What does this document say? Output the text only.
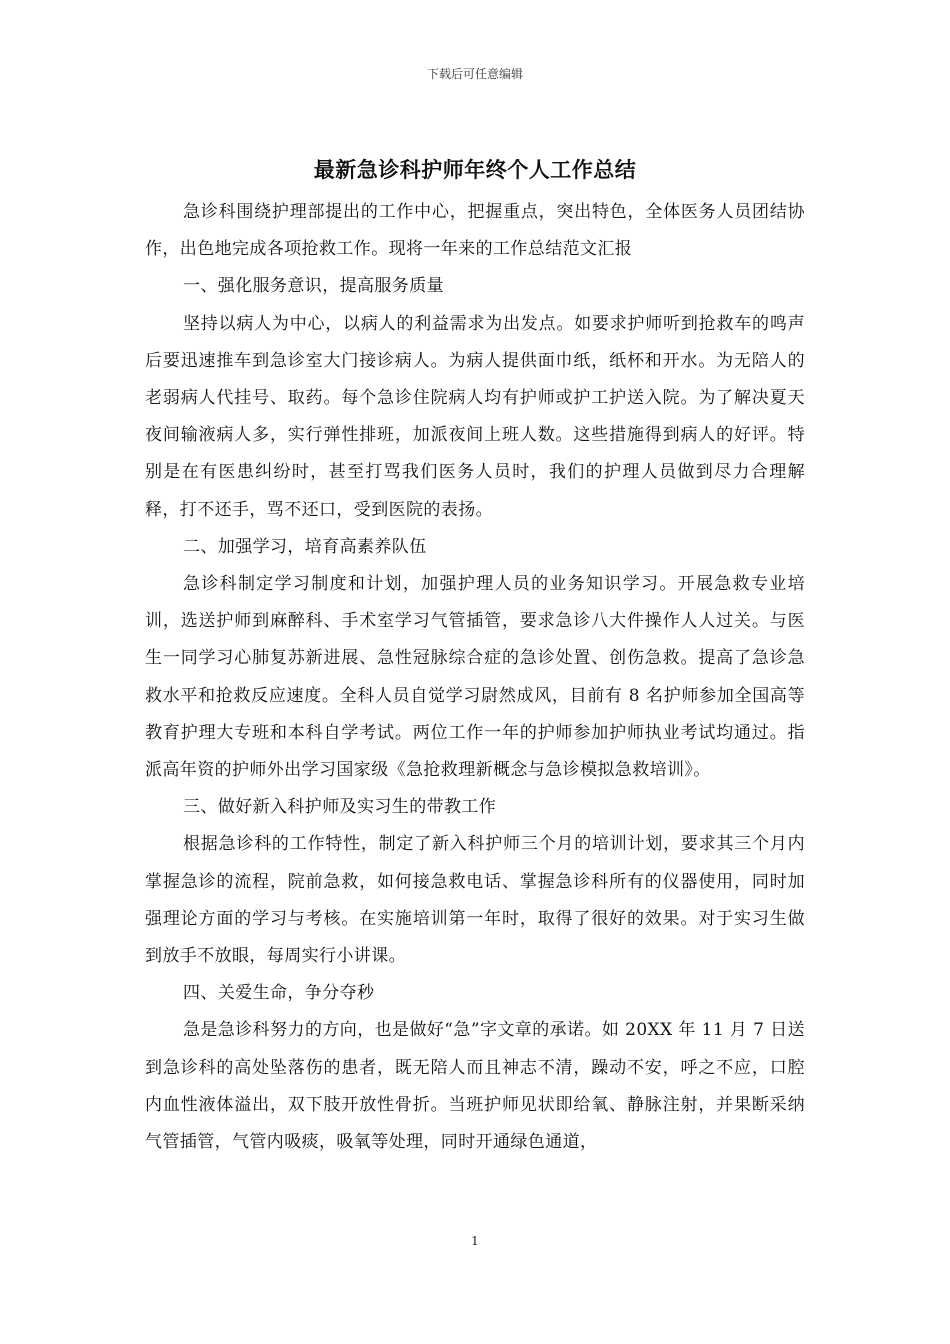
下载后可任意编辑
最新急诊科护师年终个人工作总结

急诊科围绕护理部提出的工作中心，把握重点，突出特色，全体医务人员团结协作，出色地完成各项抢救工作。现将一年来的工作总结范文汇报

一、强化服务意识，提高服务质量

坚持以病人为中心，以病人的利益需求为出发点。如要求护师听到抢救车的鸣声后要迅速推车到急诊室大门接诊病人。为病人提供面巾纸，纸杯和开水。为无陪人的老弱病人代挂号、取药。每个急诊住院病人均有护师或护工护送入院。为了解决夏天夜间输液病人多，实行弹性排班，加派夜间上班人数。这些措施得到病人的好评。特别是在有医患纠纷时，甚至打骂我们医务人员时，我们的护理人员做到尽力合理解释，打不还手，骂不还口，受到医院的表扬。

二、加强学习，培育高素养队伍

急诊科制定学习制度和计划，加强护理人员的业务知识学习。开展急救专业培训，选送护师到麻醉科、手术室学习气管插管，要求急诊八大件操作人人过关。与医生一同学习心肺复苏新进展、急性冠脉综合症的急诊处置、创伤急救。提高了急诊急救水平和抢救反应速度。全科人员自觉学习尉然成风，目前有 8 名护师参加全国高等教育护理大专班和本科自学考试。两位工作一年的护师参加护师执业考试均通过。指派高年资的护师外出学习国家级《急抢救理新概念与急诊模拟急救培训》。

三、做好新入科护师及实习生的带教工作

根据急诊科的工作特性，制定了新入科护师三个月的培训计划，要求其三个月内掌握急诊的流程，院前急救，如何接急救电话、掌握急诊科所有的仪器使用，同时加强理论方面的学习与考核。在实施培训第一年时，取得了很好的效果。对于实习生做到放手不放眼，每周实行小讲课。

四、关爱生命，争分夺秒

急是急诊科努力的方向，也是做好“急”字文章的承诺。如 20XX 年 11 月 7 日送到急诊科的高处坠落伤的患者，既无陪人而且神志不清，躁动不安，呼之不应，口腔内血性液体溢出，双下肢开放性骨折。当班护师见状即给氧、静脉注射，并果断采纳气管插管，气管内吸痰，吸氧等处理，同时开通绿色通道，

1
